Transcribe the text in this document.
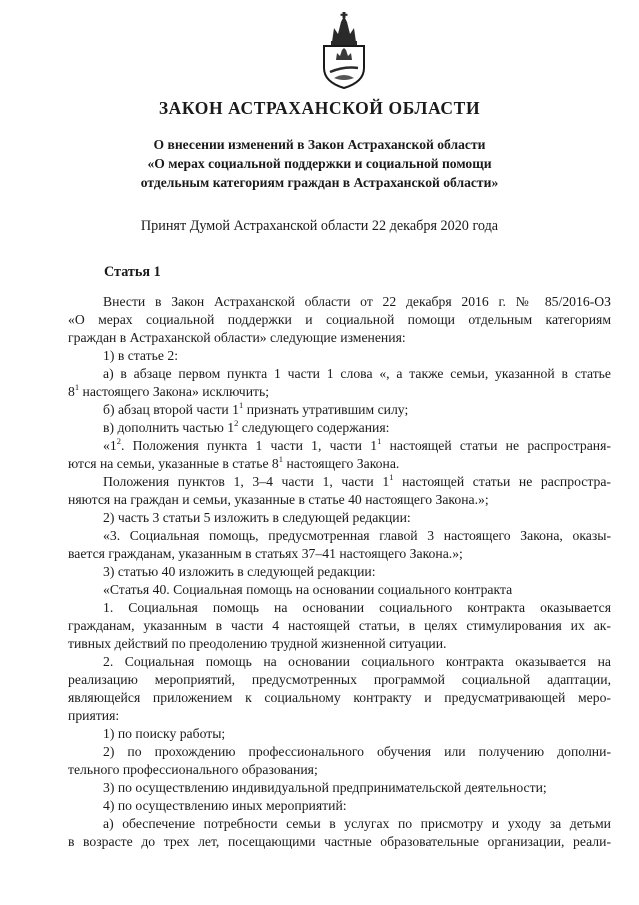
ЗАКОН АСТРАХАНСКОЙ ОБЛАСТИ
О внесении изменений в Закон Астраханской области
«О мерах социальной поддержки и социальной помощи
отдельным категориям граждан в Астраханской области»
Принят Думой Астраханской области 22 декабря 2020 года
Статья 1
Внести в Закон Астраханской области от 22 декабря 2016 г. № 85/2016-ОЗ
«О мерах социальной поддержки и социальной помощи отдельным категориям
граждан в Астраханской области» следующие изменения:
1) в статье 2:
а) в абзаце первом пункта 1 части 1 слова «, а также семьи, указанной в статье
$8^1$ настоящего Закона» исключить;
б) абзац второй части $1^1$ признать утратившим силу;
в) дополнить частью $1^2$ следующего содержания:
«$1^2$. Положения пункта 1 части 1, части $1^1$ настоящей статьи не распространя-
ются на семьи, указанные в статье $8^1$ настоящего Закона.
Положения пунктов 1, 3–4 части 1, части $1^1$ настоящей статьи не распростра-
няются на граждан и семьи, указанные в статье 40 настоящего Закона.»;
2) часть 3 статьи 5 изложить в следующей редакции:
«3. Социальная помощь, предусмотренная главой 3 настоящего Закона, оказы-
вается гражданам, указанным в статьях 37–41 настоящего Закона.»;
3) статью 40 изложить в следующей редакции:
«Статья 40. Социальная помощь на основании социального контракта
1. Социальная помощь на основании социального контракта оказывается
гражданам, указанным в части 4 настоящей статьи, в целях стимулирования их ак-
тивных действий по преодолению трудной жизненной ситуации.
2. Социальная помощь на основании социального контракта оказывается на
реализацию мероприятий, предусмотренных программой социальной адаптации,
являющейся приложением к социальному контракту и предусматривающей меро-
приятия:
1) по поиску работы;
2) по прохождению профессионального обучения или получению дополни-
тельного профессионального образования;
3) по осуществлению индивидуальной предпринимательской деятельности;
4) по осуществлению иных мероприятий:
а) обеспечение потребности семьи в услугах по присмотру и уходу за детьми
в возрасте до трех лет, посещающими частные образовательные организации, реали-
